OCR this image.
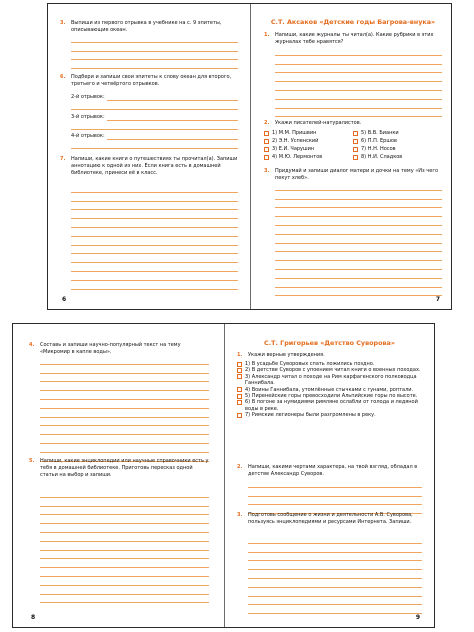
3. Выпиши из первого отрывка в учебнике на с. 9 эпитеты, описывающие океан.
6. Подбери и запиши свои эпитеты к слову океан для второго, третьего и четвёртого отрывков.
2-й отрывок:
3-й отрывок:
4-й отрывок:
7. Напиши, какие книги о путешествиях ты прочитал(а). Запиши аннотацию к одной из них. Если книга есть в домашней библиотеке, принеси её в класс.
6
С.Т. Аксаков «Детские годы Багрова-внука»
1. Напиши, какие журналы ты читал(а). Какие рубрики в этих журналах тебе нравятся?
2. Укажи писателей-натуралистов.
1) М.М. Пришвин	5) В.В. Бианки
2) Э.Н. Успенский	6) П.П. Ершов
3) Е.И. Чарушин	7) Н.Н. Носов
4) М.Ю. Лермонтов	8) Н.И. Сладков
3. Придумай и запиши диалог матери и дочки на тему «Из чего пекут хлеб».
7
4. Составь и запиши научно-популярный текст на тему «Микромир в капле воды».
5. Напиши, какие энциклопедии или научные справочники есть у тебя в домашней библиотеке. Приготовь пересказ одной статьи на выбор и запиши.
8
С.Т. Григорьев «Детство Суворова»
1. Укажи верные утверждения.
1) В усадьбе Суворовых спать ложились поздно.
2) В детстве Суворов с упоением читал книги о военных походах.
3) Александр читал о походе на Рим карфагенского полководца Ганнибала.
4) Воины Ганнибала, утомлённые стычками с гунами, роптали.
5) Пиренейские горы превосходили Альпийские горы по высоте.
6) В погоне за нумидиями римляне ослабли от голода и ледяной воды в реке.
7) Римские легионеры были разгромлены в реку.
2. Напиши, какими чертами характера, на твой взгляд, обладал в детстве Александр Суворов.
3. Подготовь сообщение о жизни и деятельности А.В. Суворова, пользуясь энциклопедиями и ресурсами Интернета. Запиши.
9
